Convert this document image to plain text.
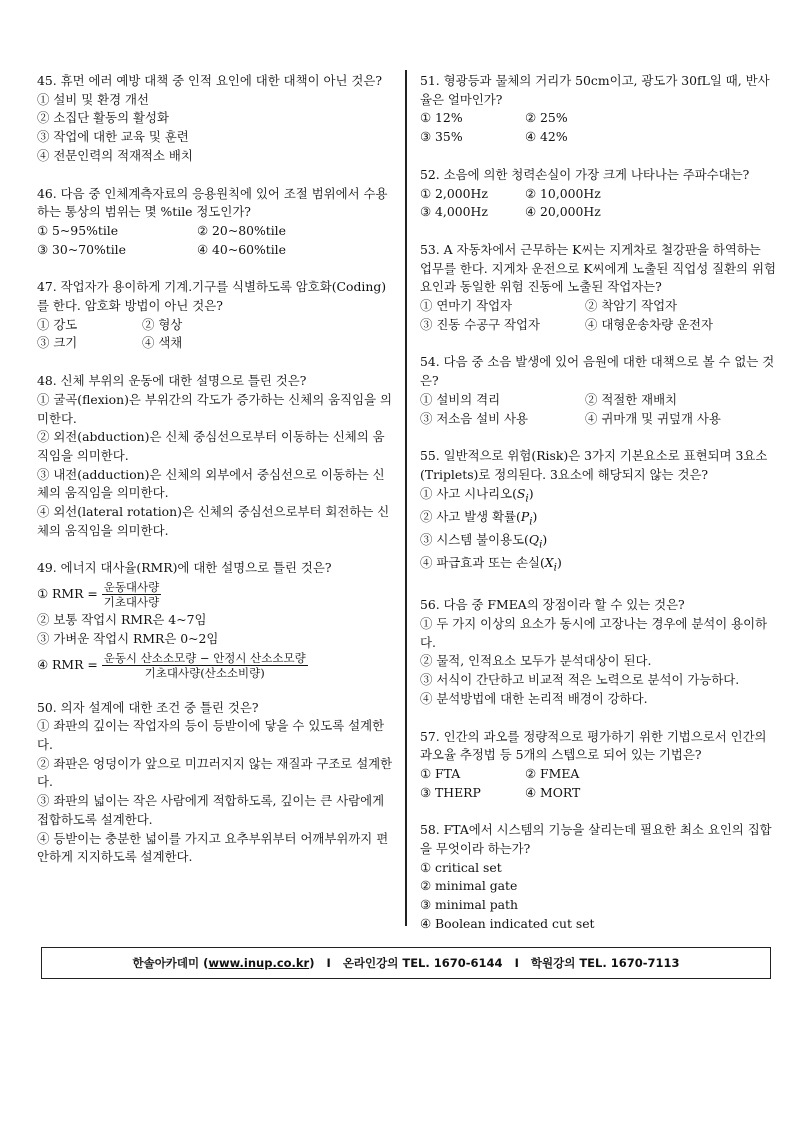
45. 휴먼 에러 예방 대책 중 인적 요인에 대한 대책이 아닌 것은?

① 설비 및 환경 개선
② 소집단 활동의 활성화
③ 작업에 대한 교육 및 훈련
④ 전문인력의 적재적소 배치

46. 다음 중 인체계측자료의 응용원칙에 있어 조절 범위에서 수용하는 통상의 범위는 몇 %tile 정도인가?

① 5~95%tile	② 20~80%tile
③ 30~70%tile	④ 40~60%tile

47. 작업자가 용이하게 기계.기구를 식별하도록 암호화(Coding)를 한다. 암호화 방법이 아닌 것은?

① 강도	② 형상
③ 크기	④ 색채

48. 신체 부위의 운동에 대한 설명으로 틀린 것은?

① 굴곡(flexion)은 부위간의 각도가 증가하는 신체의 움직임을 의미한다.
② 외전(abduction)은 신체 중심선으로부터 이동하는 신체의 움직임을 의미한다.
③ 내전(adduction)은 신체의 외부에서 중심선으로 이동하는 신체의 움직임을 의미한다.
④ 외선(lateral rotation)은 신체의 중심선으로부터 회전하는 신체의 움직임을 의미한다.

49. 에너지 대사율(RMR)에 대한 설명으로 틀린 것은?

① RMR = $\frac{\text{운동대사량}}{\text{기초대사량}}$

② 보통 작업시 RMR은 4~7임

③ 가벼운 작업시 RMR은 0~2임

④ RMR = $\frac{\text{운동시 산소소모량 − 안정시 산소소모량}}{\text{기초대사량(산소소비량)}}$

50. 의자 설계에 대한 조건 중 틀린 것은?

① 좌판의 깊이는 작업자의 등이 등받이에 닿을 수 있도록 설계한다.

② 좌판은 엉덩이가 앞으로 미끄러지지 않는 재질과 구조로 설계한다.

③ 좌판의 넓이는 작은 사람에게 적합하도록, 깊이는 큰 사람에게 접합하도록 설계한다.

④ 등받이는 충분한 넓이를 가지고 요추부위부터 어깨부위까지 편안하게 지지하도록 설계한다.

51. 형광등과 물체의 거리가 50cm이고, 광도가 30fL일 때, 반사율은 얼마인가?

① 12%	② 25%
③ 35%	④ 42%

52. 소음에 의한 청력손실이 가장 크게 나타나는 주파수대는?

① 2,000Hz	② 10,000Hz
③ 4,000Hz	④ 20,000Hz

53. A 자동차에서 근무하는 K씨는 지게차로 철강판을 하역하는 업무를 한다. 지게차 운전으로 K씨에게 노출된 직업성 질환의 위험요인과 동일한 위험 진동에 노출된 작업자는?

① 연마기 작업자	② 착암기 작업자
③ 진동 수공구 작업자	④ 대형운송차량 운전자

54. 다음 중 소음 발생에 있어 음원에 대한 대책으로 볼 수 없는 것은?

① 설비의 격리	② 적절한 재배치
③ 저소음 설비 사용	④ 귀마개 및 귀덮개 사용

55. 일반적으로 위험(Risk)은 3가지 기본요소로 표현되며 3요소(Triplets)로 정의된다. 3요소에 해당되지 않는 것은?

① 사고 시나리오$(S_i)$

② 사고 발생 확률$(P_i)$

③ 시스템 불이용도$(Q_i)$

④ 파급효과 또는 손실$(X_i)$

56. 다음 중 FMEA의 장점이라 할 수 있는 것은?

① 두 가지 이상의 요소가 동시에 고장나는 경우에 분석이 용이하다.
② 물적, 인적요소 모두가 분석대상이 된다.
③ 서식이 간단하고 비교적 적은 노력으로 분석이 가능하다.
④ 분석방법에 대한 논리적 배경이 강하다.

57. 인간의 과오를 정량적으로 평가하기 위한 기법으로서 인간의 과오율 추정법 등 5개의 스텝으로 되어 있는 기법은?

① FTA	② FMEA
③ THERP	④ MORT

58. FTA에서 시스템의 기능을 살리는데 필요한 최소 요인의 집합을 무엇이라 하는가?

① critical set
② minimal gate
③ minimal path
④ Boolean indicated cut set
한솔아카데미 (www.inup.co.kr) I 온라인강의 TEL. 1670-6144 I 학원강의 TEL. 1670-7113
